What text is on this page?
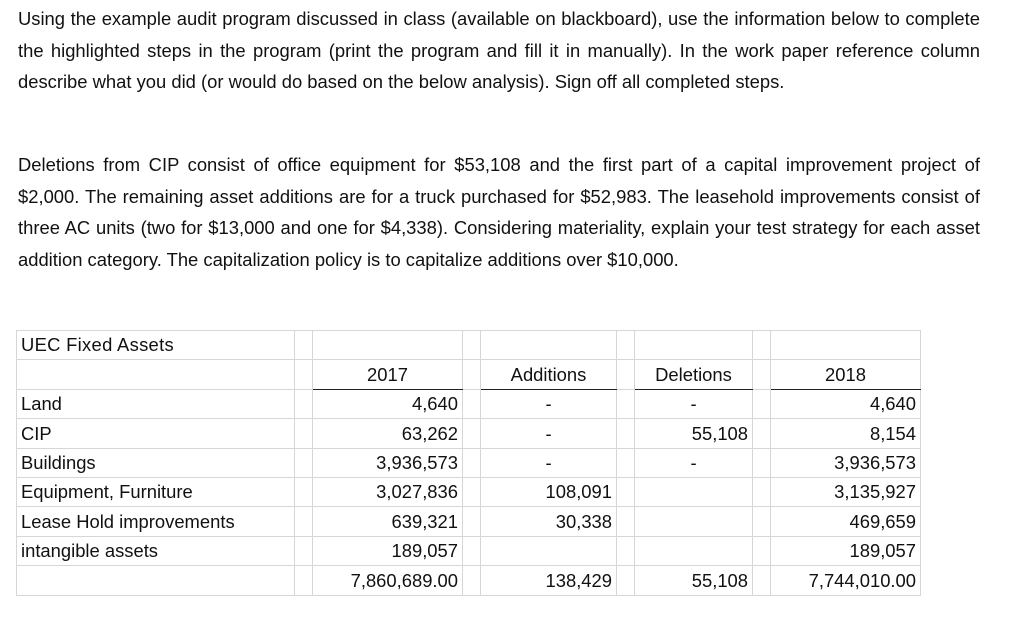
Using the example audit program discussed in class (available on blackboard), use the information below to complete the highlighted steps in the program (print the program and fill it in manually). In the work paper reference column describe what you did (or would do based on the below analysis). Sign off all completed steps.

Deletions from CIP consist of office equipment for $53,108 and the first part of a capital improvement project of $2,000. The remaining asset additions are for a truck purchased for $52,983. The leasehold improvements consist of three AC units (two for $13,000 and one for $4,338). Considering materiality, explain your test strategy for each asset addition category. The capitalization policy is to capitalize additions over $10,000.

UEC Fixed Assets								
		2017		Additions		Deletions		2018
Land		4,640		-		-		4,640
CIP		63,262		-		55,108		8,154
Buildings		3,936,573		-		-		3,936,573
Equipment, Furniture		3,027,836		108,091				3,135,927
Lease Hold improvements		639,321		30,338				469,659
intangible assets		189,057						189,057
		7,860,689.00		138,429		55,108		7,744,010.00
